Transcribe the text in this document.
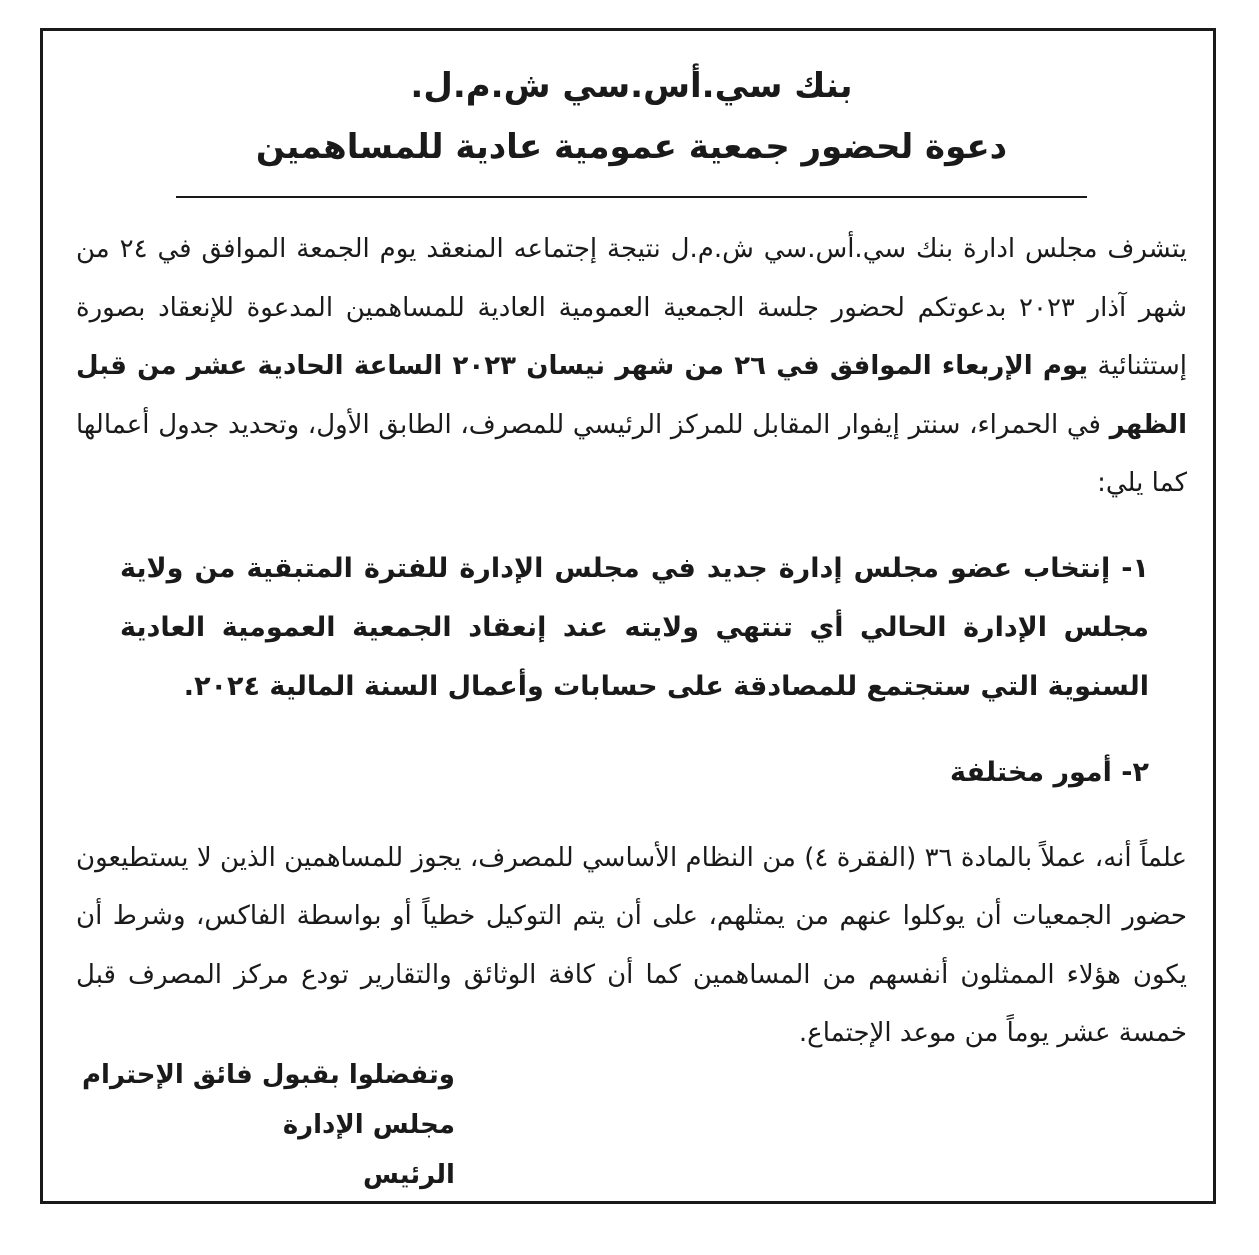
بنك سي.أس.سي ش.م.ل.

دعوة لحضور جمعية عمومية عادية للمساهمين

يتشرف مجلس ادارة بنك سي.أس.سي ش.م.ل نتيجة إجتماعه المنعقد يوم الجمعة الموافق في ٢٤ من شهر آذار ٢٠٢٣ بدعوتكم لحضور جلسة الجمعية العمومية العادية للمساهمين المدعوة للإنعقاد بصورة إستثنائية يوم الإربعاء الموافق في ٢٦ من شهر نيسان ٢٠٢٣ الساعة الحادية عشر من قبل الظهر في الحمراء، سنتر إيفوار المقابل للمركز الرئيسي للمصرف، الطابق الأول، وتحديد جدول أعمالها كما يلي:

١- إنتخاب عضو مجلس إدارة جديد في مجلس الإدارة للفترة المتبقية من ولاية مجلس الإدارة الحالي أي تنتهي ولايته عند إنعقاد الجمعية العمومية العادية السنوية التي ستجتمع للمصادقة على حسابات وأعمال السنة المالية ٢٠٢٤.

٢- أمور مختلفة

علماً أنه، عملاً بالمادة ٣٦ (الفقرة ٤) من النظام الأساسي للمصرف، يجوز للمساهمين الذين لا يستطيعون حضور الجمعيات أن يوكلوا عنهم من يمثلهم، على أن يتم التوكيل خطياً أو بواسطة الفاكس، وشرط أن يكون هؤلاء الممثلون أنفسهم من المساهمين كما أن كافة الوثائق والتقارير تودع مركز المصرف قبل خمسة عشر يوماً من موعد الإجتماع.

وتفضلوا بقبول فائق الإحترام
مجلس الإدارة
الرئيس
